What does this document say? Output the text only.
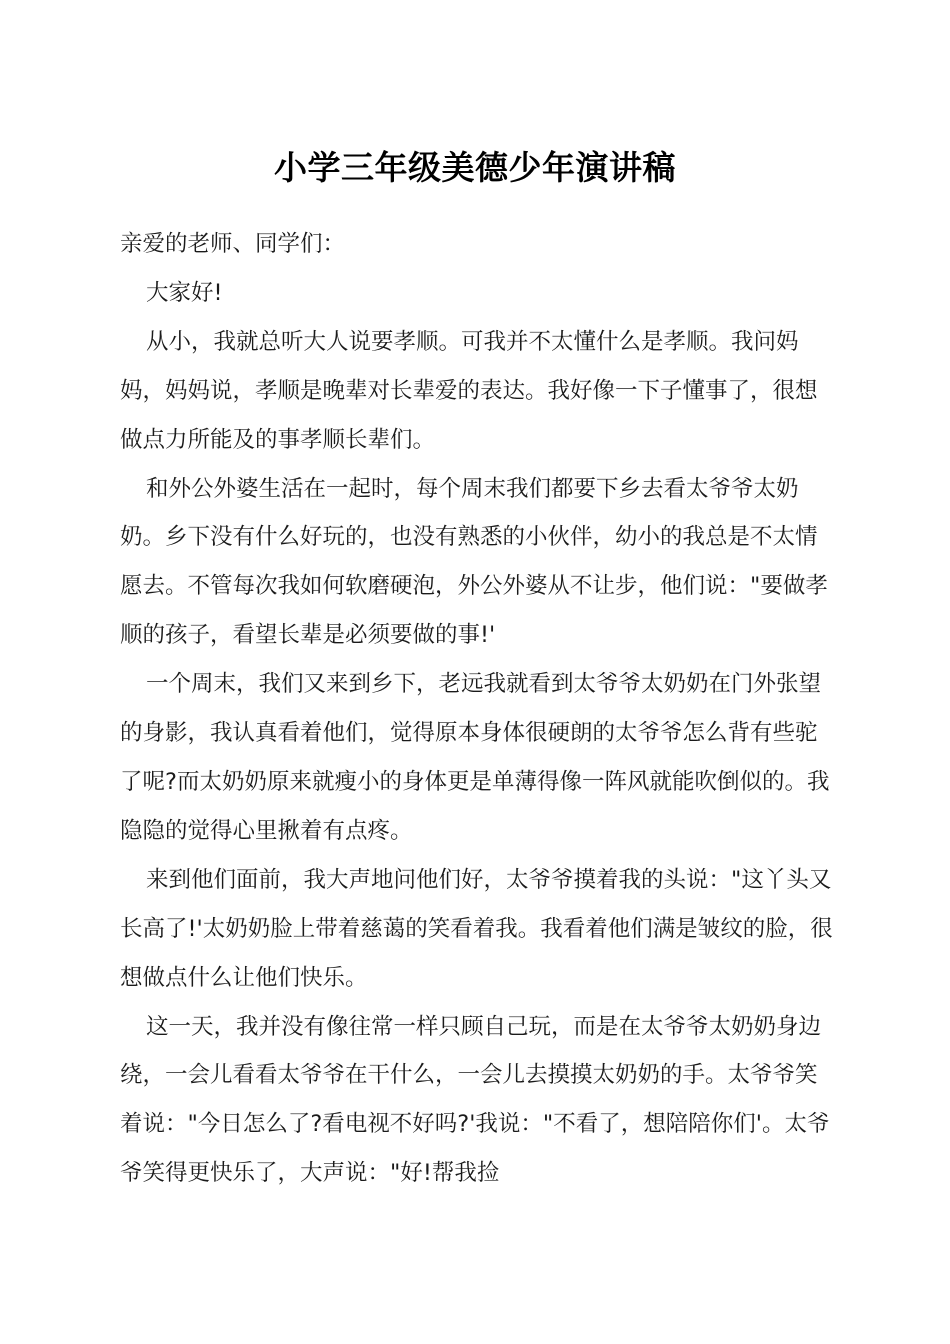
小学三年级美德少年演讲稿

亲爱的老师、同学们：

大家好!

从小，我就总听大人说要孝顺。可我并不太懂什么是孝顺。我问妈妈，妈妈说，孝顺是晚辈对长辈爱的表达。我好像一下子懂事了，很想做点力所能及的事孝顺长辈们。

和外公外婆生活在一起时，每个周末我们都要下乡去看太爷爷太奶奶。乡下没有什么好玩的，也没有熟悉的小伙伴，幼小的我总是不太情愿去。不管每次我如何软磨硬泡，外公外婆从不让步，他们说："要做孝顺的孩子，看望长辈是必须要做的事!'

一个周末，我们又来到乡下，老远我就看到太爷爷太奶奶在门外张望的身影，我认真看着他们，觉得原本身体很硬朗的太爷爷怎么背有些驼了呢?而太奶奶原来就瘦小的身体更是单薄得像一阵风就能吹倒似的。我隐隐的觉得心里揪着有点疼。

来到他们面前，我大声地问他们好，太爷爷摸着我的头说："这丫头又长高了!'太奶奶脸上带着慈蔼的笑看着我。我看着他们满是皱纹的脸，很想做点什么让他们快乐。

这一天，我并没有像往常一样只顾自己玩，而是在太爷爷太奶奶身边绕，一会儿看看太爷爷在干什么，一会儿去摸摸太奶奶的手。太爷爷笑着说："今日怎么了?看电视不好吗?'我说："不看了，想陪陪你们'。太爷爷笑得更快乐了，大声说："好!帮我捡
